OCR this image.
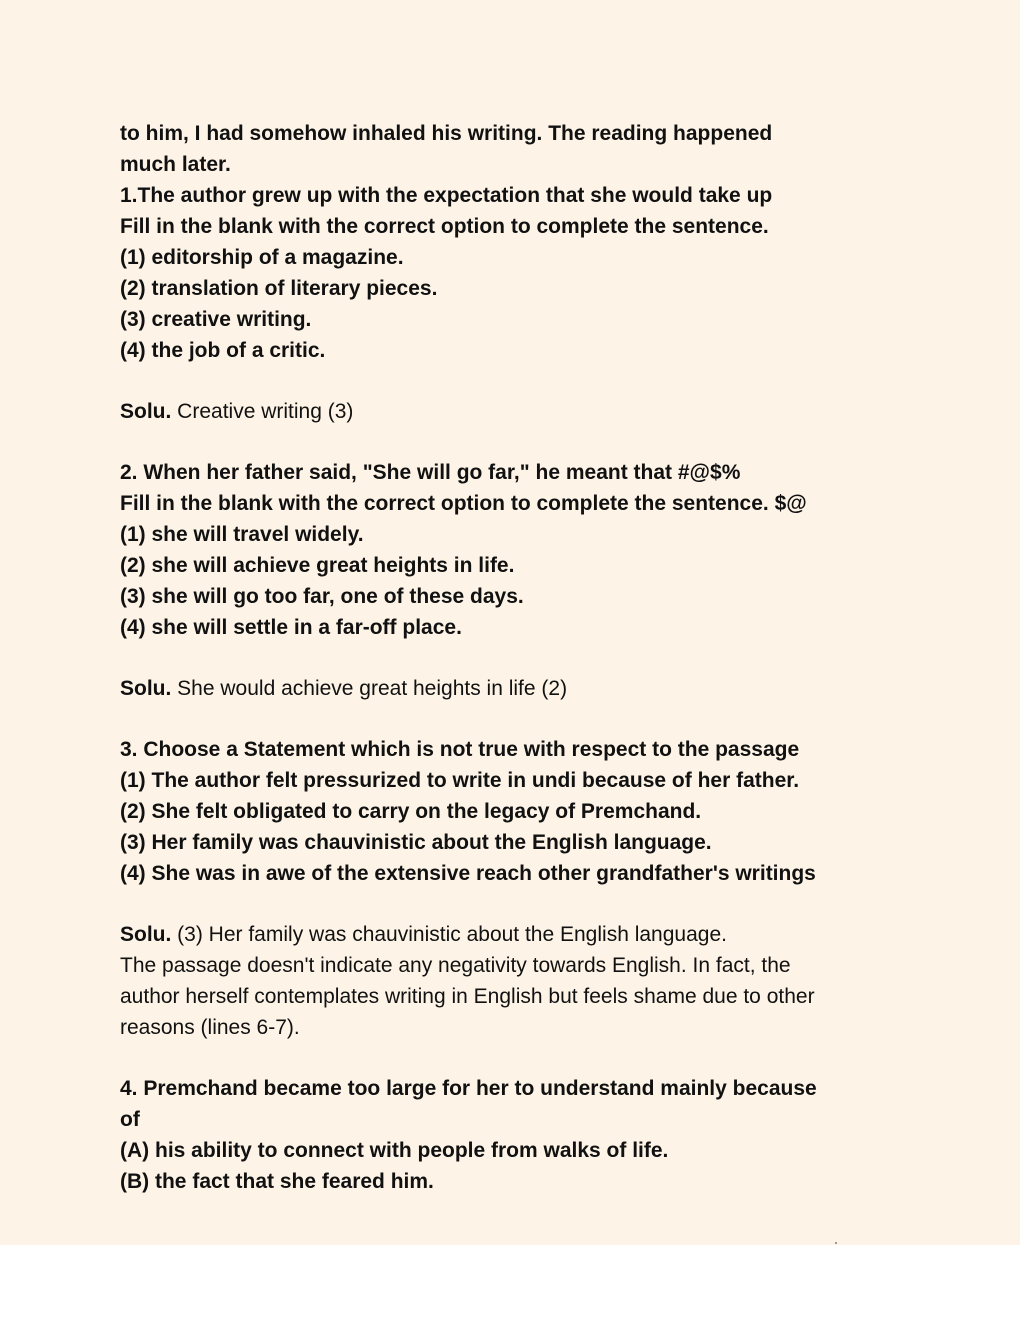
to him, I had somehow inhaled his writing. The reading happened
much later.
1.The author grew up with the expectation that she would take up
Fill in the blank with the correct option to complete the sentence.
(1) editorship of a magazine.
(2) translation of literary pieces.
(3) creative writing.
(4) the job of a critic.
Solu. Creative writing (3)
2. When her father said, "She will go far," he meant that #@$%
Fill in the blank with the correct option to complete the sentence. $@
(1) she will travel widely.
(2) she will achieve great heights in life.
(3) she will go too far, one of these days.
(4) she will settle in a far-off place.
Solu. She would achieve great heights in life (2)
3. Choose a Statement which is not true with respect to the passage
(1) The author felt pressurized to write in undi because of her father.
(2) She felt obligated to carry on the legacy of Premchand.
(3) Her family was chauvinistic about the English language.
(4) She was in awe of the extensive reach other grandfather's writings
Solu. (3) Her family was chauvinistic about the English language.
The passage doesn't indicate any negativity towards English. In fact, the
author herself contemplates writing in English but feels shame due to other
reasons (lines 6-7).
4. Premchand became too large for her to understand mainly because
of
(A) his ability to connect with people from walks of life.
(B) the fact that she feared him.
